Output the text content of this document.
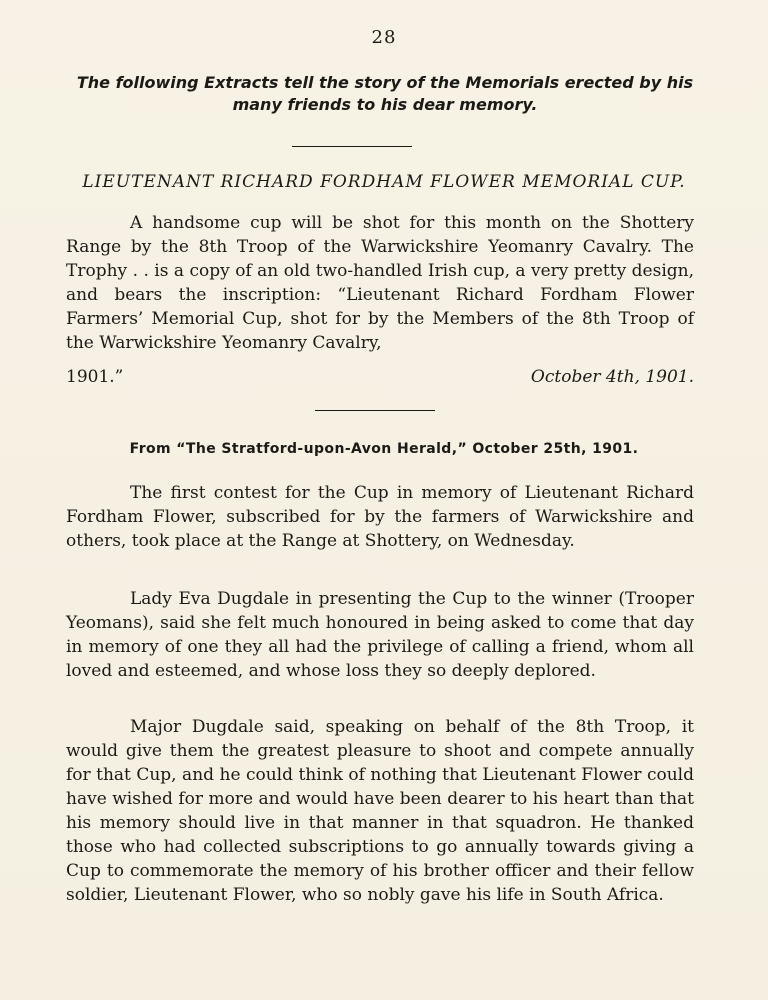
28
The following Extracts tell the story of the Memorials erected by his many friends to his dear memory.
LIEUTENANT RICHARD FORDHAM FLOWER MEMORIAL CUP.

A handsome cup will be shot for this month on the Shottery Range by the 8th Troop of the Warwickshire Yeomanry Cavalry. The Trophy . . is a copy of an old two-handled Irish cup, a very pretty design, and bears the inscription: “Lieutenant Richard Fordham Flower Farmers’ Memorial Cup, shot for by the Members of the 8th Troop of the Warwickshire Yeomanry Cavalry,

1901.”	October 4th, 1901.
From “The Stratford-upon-Avon Herald,” October 25th, 1901.

The first contest for the Cup in memory of Lieutenant Richard Fordham Flower, subscribed for by the farmers of Warwickshire and others, took place at the Range at Shottery, on Wednesday.

Lady Eva Dugdale in presenting the Cup to the winner (Trooper Yeomans), said she felt much honoured in being asked to come that day in memory of one they all had the privilege of calling a friend, whom all loved and esteemed, and whose loss they so deeply deplored.

Major Dugdale said, speaking on behalf of the 8th Troop, it would give them the greatest pleasure to shoot and compete annually for that Cup, and he could think of nothing that Lieutenant Flower could have wished for more and would have been dearer to his heart than that his memory should live in that manner in that squadron. He thanked those who had collected subscriptions to go annually towards giving a Cup to commemorate the memory of his brother officer and their fellow soldier, Lieutenant Flower, who so nobly gave his life in South Africa.
